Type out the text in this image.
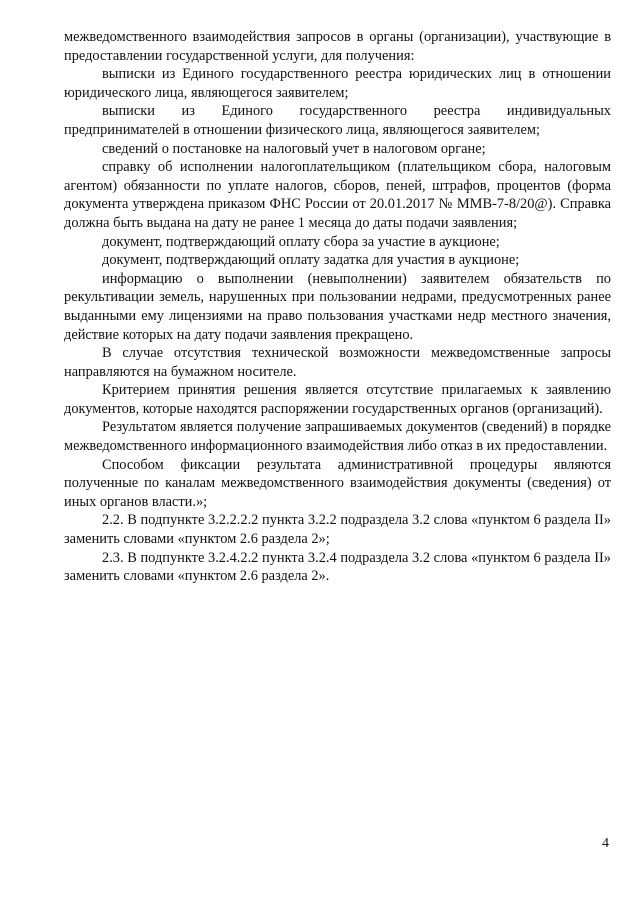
межведомственного взаимодействия запросов в органы (организации), участвующие в предоставлении государственной услуги, для получения:

выписки из Единого государственного реестра юридических лиц в отношении юридического лица, являющегося заявителем;

выписки из Единого государственного реестра индивидуальных предпринимателей в отношении физического лица, являющегося заявителем;

сведений о постановке на налоговый учет в налоговом органе;

справку об исполнении налогоплательщиком (плательщиком сбора, налоговым агентом) обязанности по уплате налогов, сборов, пеней, штрафов, процентов (форма документа утверждена приказом ФНС России от 20.01.2017 № ММВ-7-8/20@). Справка должна быть выдана на дату не ранее 1 месяца до даты подачи заявления;

документ, подтверждающий оплату сбора за участие в аукционе;

документ, подтверждающий оплату задатка для участия в аукционе;

информацию о выполнении (невыполнении) заявителем обязательств по рекультивации земель, нарушенных при пользовании недрами, предусмотренных ранее выданными ему лицензиями на право пользования участками недр местного значения, действие которых на дату подачи заявления прекращено.

В случае отсутствия технической возможности межведомственные запросы направляются на бумажном носителе.

Критерием принятия решения является отсутствие прилагаемых к заявлению документов, которые находятся распоряжении государственных органов (организаций).

Результатом является получение запрашиваемых документов (сведений) в порядке межведомственного информационного взаимодействия либо отказ в их предоставлении.

Способом фиксации результата административной процедуры являются полученные по каналам межведомственного взаимодействия документы (сведения) от иных органов власти.»;

2.2. В подпункте 3.2.2.2.2 пункта 3.2.2 подраздела 3.2 слова «пунктом 6 раздела II» заменить словами «пунктом 2.6 раздела 2»;

2.3. В подпункте 3.2.4.2.2 пункта 3.2.4 подраздела 3.2 слова «пунктом 6 раздела II» заменить словами «пунктом 2.6 раздела 2».

4
